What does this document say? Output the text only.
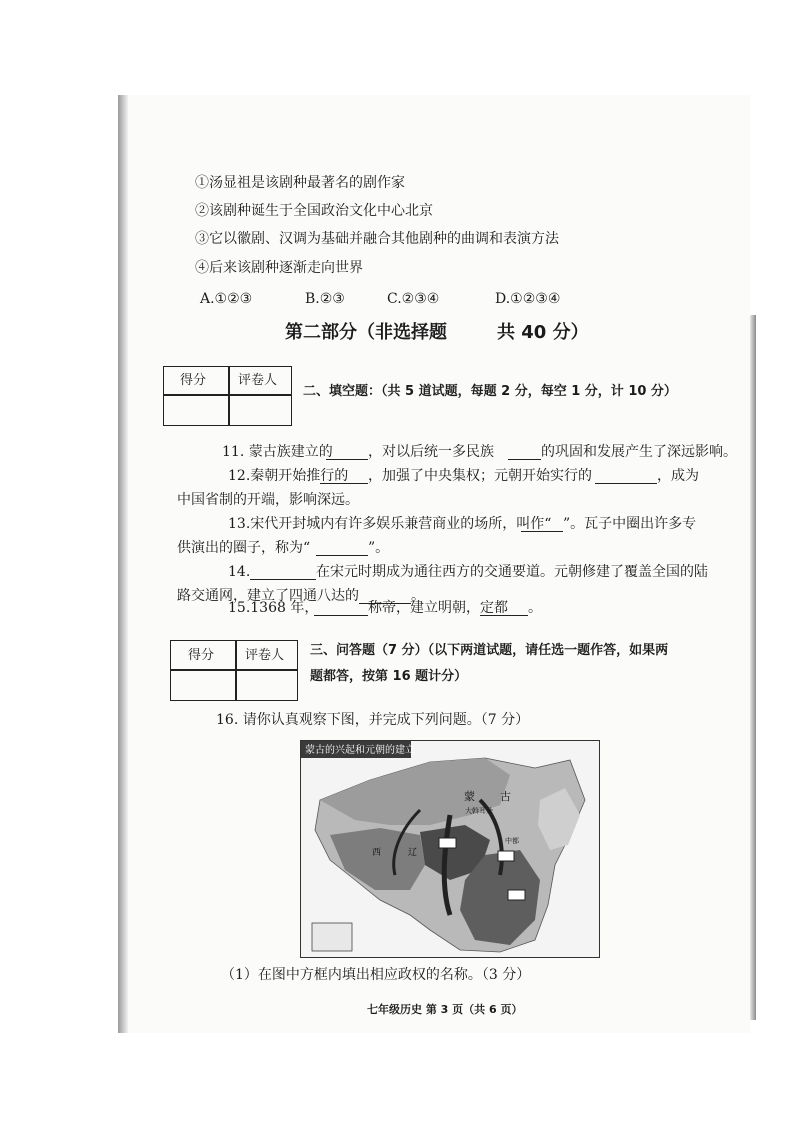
①汤显祖是该剧种最著名的剧作家
②该剧种诞生于全国政治文化中心北京
③它以徽剧、汉调为基础并融合其他剧种的曲调和表演方法
④后来该剧种逐渐走向世界
A.①②③	B.②③	C.②③④	D.①②③④
第二部分（非选择题	共 40 分）
得分 评卷人
二、填空题：（共 5 道试题，每题 2 分，每空 1 分，计 10 分）
11. 蒙古族建立的	，对以后统一多民族	的巩固和发展产生了深远影响。
12.秦朝开始推行的 ，加强了中央集权；元朝开始实行的	，成为
中国省制的开端，影响深远。
13.宋代开封城内有许多娱乐兼营商业的场所，叫作“ ”。瓦子中圈出许多专
供演出的圈子，称为“	”。
14.	在宋元时期成为通往西方的交通要道。元朝修建了覆盖全国的陆
路交通网，建立了四通八达的	。
15.1368 年，	称帝，建立明朝，定都 。
得分 评卷人 三、问答题（7 分）（以下两道试题，请任选一题作答，如果两
题都答，按第 16 题计分）
16. 请你认真观察下图，并完成下列问题。（7 分）
蒙古的兴起和元朝的建立
蒙 古
大斡耳朵
西	辽
中都
（1）在图中方框内填出相应政权的名称。（3 分）
七年级历史 第 3 页（共 6 页）
